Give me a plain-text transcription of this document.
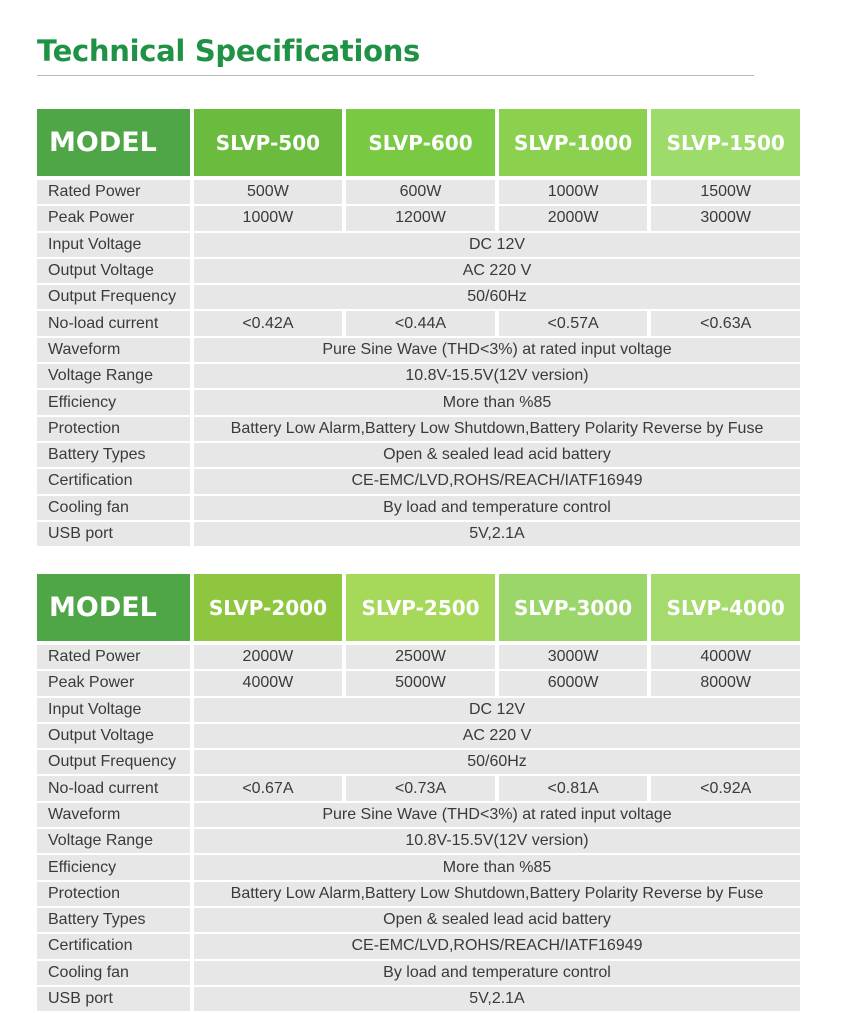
Technical Specifications
MODEL	SLVP-500	SLVP-600	SLVP-1000	SLVP-1500
Rated Power	500W	600W	1000W	1500W
Peak Power	1000W	1200W	2000W	3000W
Input Voltage	DC 12V
Output Voltage	AC 220 V
Output Frequency	50/60Hz
No-load current	<0.42A	<0.44A	<0.57A	<0.63A
Waveform	Pure Sine Wave (THD<3%) at rated input voltage
Voltage Range	10.8V-15.5V(12V version)
Efficiency	More than %85
Protection	Battery Low Alarm,Battery Low Shutdown,Battery Polarity Reverse by Fuse
Battery Types	Open & sealed lead acid battery
Certification	CE-EMC/LVD,ROHS/REACH/IATF16949
Cooling fan	By load and temperature control
USB port	5V,2.1A
MODEL	SLVP-2000	SLVP-2500	SLVP-3000	SLVP-4000
Rated Power	2000W	2500W	3000W	4000W
Peak Power	4000W	5000W	6000W	8000W
Input Voltage	DC 12V
Output Voltage	AC 220 V
Output Frequency	50/60Hz
No-load current	<0.67A	<0.73A	<0.81A	<0.92A
Waveform	Pure Sine Wave (THD<3%) at rated input voltage
Voltage Range	10.8V-15.5V(12V version)
Efficiency	More than %85
Protection	Battery Low Alarm,Battery Low Shutdown,Battery Polarity Reverse by Fuse
Battery Types	Open & sealed lead acid battery
Certification	CE-EMC/LVD,ROHS/REACH/IATF16949
Cooling fan	By load and temperature control
USB port	5V,2.1A
